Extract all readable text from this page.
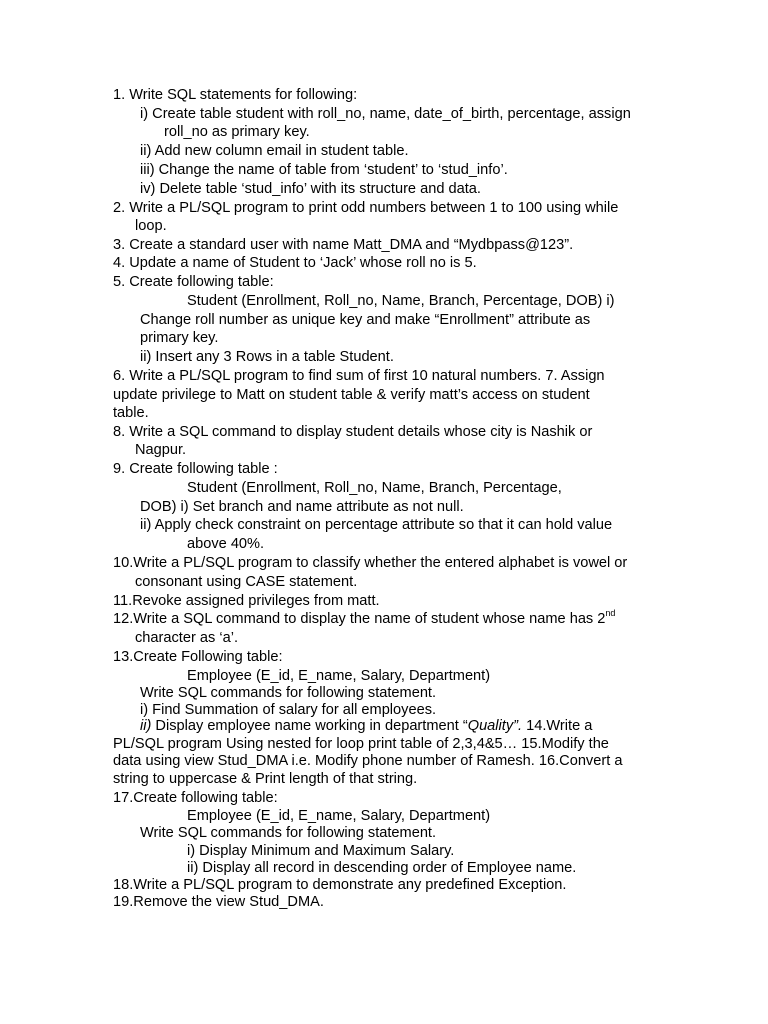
1. Write SQL statements for following:
i) Create table student with roll_no, name, date_of_birth, percentage, assign
roll_no as primary key.
ii) Add new column email in student table.
iii) Change the name of table from ‘student’ to ‘stud_info’.
iv) Delete table ‘stud_info’ with its structure and data.
2. Write a PL/SQL program to print odd numbers between 1 to 100 using while
loop.
3. Create a standard user with name Matt_DMA and “Mydbpass@123”.
4. Update a name of Student to ‘Jack’ whose roll no is 5.
5. Create following table:
Student (Enrollment, Roll_no, Name, Branch, Percentage, DOB) i)
Change roll number as unique key and make “Enrollment” attribute as
primary key.
ii) Insert any 3 Rows in a table Student.
6. Write a PL/SQL program to find sum of first 10 natural numbers. 7. Assign
update privilege to Matt on student table & verify matt’s access on student
table.
8. Write a SQL command to display student details whose city is Nashik or
Nagpur.
9. Create following table :
Student (Enrollment, Roll_no, Name, Branch, Percentage,
DOB) i) Set branch and name attribute as not null.
ii) Apply check constraint on percentage attribute so that it can hold value
above 40%.
10.Write a PL/SQL program to classify whether the entered alphabet is vowel or
consonant using CASE statement.
11.Revoke assigned privileges from matt.
12.Write a SQL command to display the name of student whose name has 2nd
character as ‘a’.
13.Create Following table:
Employee (E_id, E_name, Salary, Department)
Write SQL commands for following statement.
i) Find Summation of salary for all employees.
ii) Display employee name working in department “Quality”. 14.Write a
PL/SQL program Using nested for loop print table of 2,3,4&5… 15.Modify the
data using view Stud_DMA i.e. Modify phone number of Ramesh. 16.Convert a
string to uppercase & Print length of that string.
17.Create following table:
Employee (E_id, E_name, Salary, Department)
Write SQL commands for following statement.
i) Display Minimum and Maximum Salary.
ii) Display all record in descending order of Employee name.
18.Write a PL/SQL program to demonstrate any predefined Exception.
19.Remove the view Stud_DMA.
